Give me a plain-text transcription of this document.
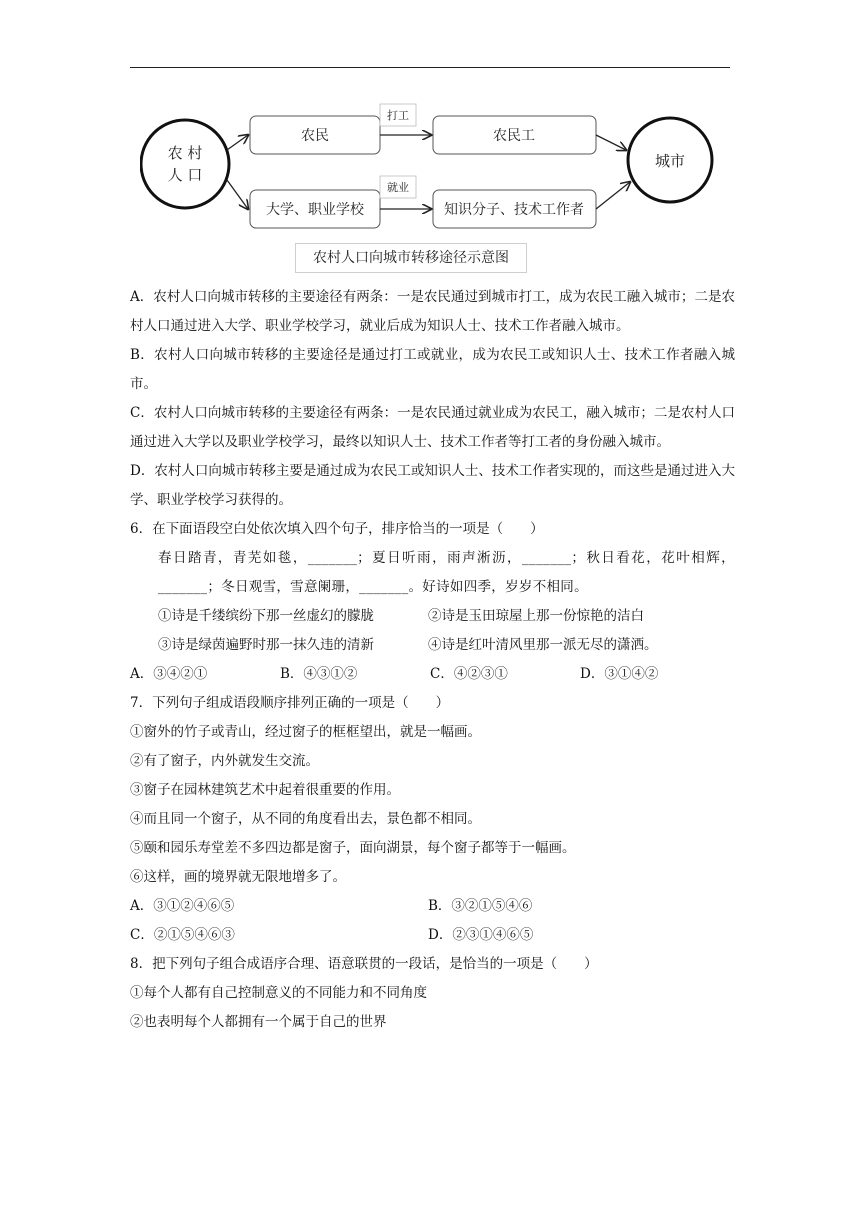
农 村
人 口
城市
农民	农民工
大学、职业学校	知识分子、技术工作者
打工
就业
农村人口向城市转移途径示意图
A．农村人口向城市转移的主要途径有两条：一是农民通过到城市打工，成为农民工融入城市；二是农村人口通过进入大学、职业学校学习，就业后成为知识人士、技术工作者融入城市。
B．农村人口向城市转移的主要途径是通过打工或就业，成为农民工或知识人士、技术工作者融入城市。
C．农村人口向城市转移的主要途径有两条：一是农民通过就业成为农民工，融入城市；二是农村人口通过进入大学以及职业学校学习，最终以知识人士、技术工作者等打工者的身份融入城市。
D．农村人口向城市转移主要是通过成为农民工或知识人士、技术工作者实现的，而这些是通过进入大学、职业学校学习获得的。
6．在下面语段空白处依次填入四个句子，排序恰当的一项是（　　）
春日踏青，青芜如毯，_______；夏日听雨，雨声淅沥，_______；秋日看花，花叶相辉，_______；冬日观雪，雪意阑珊，_______。好诗如四季，岁岁不相同。
①诗是千缕缤纷下那一丝虚幻的朦胧	②诗是玉田琼屋上那一份惊艳的洁白
③诗是绿茵遍野时那一抹久违的清新	④诗是红叶清风里那一派无尽的潇洒。
A．③④②①	B．④③①②	C．④②③①	D．③①④②
7．下列句子组成语段顺序排列正确的一项是（　　）
①窗外的竹子或青山，经过窗子的框框望出，就是一幅画。
②有了窗子，内外就发生交流。
③窗子在园林建筑艺术中起着很重要的作用。
④而且同一个窗子，从不同的角度看出去，景色都不相同。
⑤颐和园乐寿堂差不多四边都是窗子，面向湖景，每个窗子都等于一幅画。
⑥这样，画的境界就无限地增多了。
A．③①②④⑥⑤	B．③②①⑤④⑥
C．②①⑤④⑥③	D．②③①④⑥⑤
8．把下列句子组合成语序合理、语意联贯的一段话，是恰当的一项是（　　）
①每个人都有自己控制意义的不同能力和不同角度
②也表明每个人都拥有一个属于自己的世界
